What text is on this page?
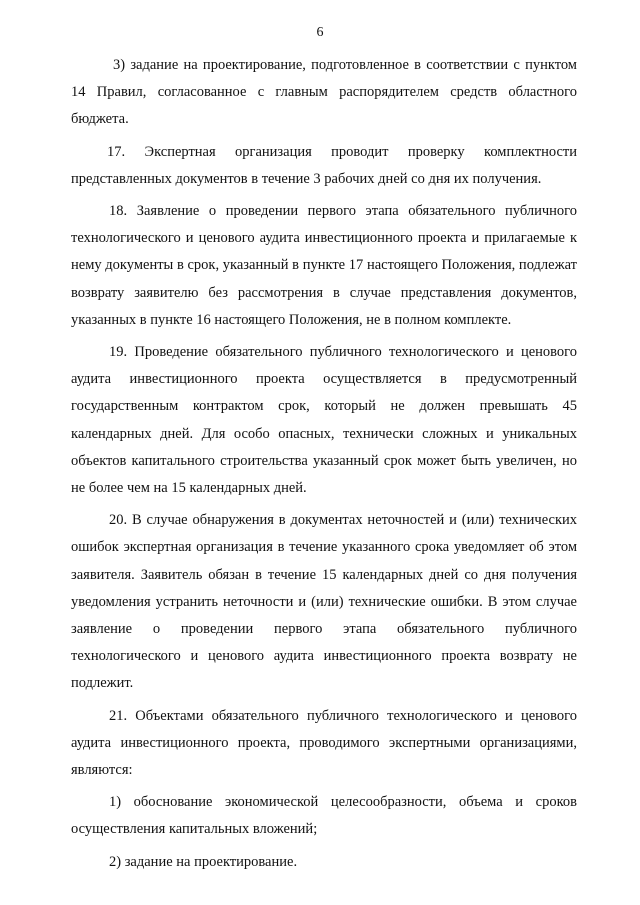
6

3) задание на проектирование, подготовленное в соответствии с пунктом 14 Правил, согласованное с главным распорядителем средств областного бюджета.

17. Экспертная организация проводит проверку комплектности представленных документов в течение 3 рабочих дней со дня их получения.

18. Заявление о проведении первого этапа обязательного публичного технологического и ценового аудита инвестиционного проекта и прилагаемые к нему документы в срок, указанный в пункте 17 настоящего Положения, подлежат возврату заявителю без рассмотрения в случае представления документов, указанных в пункте 16 настоящего Положения, не в полном комплекте.

19. Проведение обязательного публичного технологического и ценового аудита инвестиционного проекта осуществляется в предусмотренный государственным контрактом срок, который не должен превышать 45 календарных дней. Для особо опасных, технически сложных и уникальных объектов капитального строительства указанный срок может быть увеличен, но не более чем на 15 календарных дней.

20. В случае обнаружения в документах неточностей и (или) технических ошибок экспертная организация в течение указанного срока уведомляет об этом заявителя. Заявитель обязан в течение 15 календарных дней со дня получения уведомления устранить неточности и (или) технические ошибки. В этом случае заявление о проведении первого этапа обязательного публичного технологического и ценового аудита инвестиционного проекта возврату не подлежит.

21. Объектами обязательного публичного технологического и ценового аудита инвестиционного проекта, проводимого экспертными организациями, являются:

1) обоснование экономической целесообразности, объема и сроков осуществления капитальных вложений;

2) задание на проектирование.
